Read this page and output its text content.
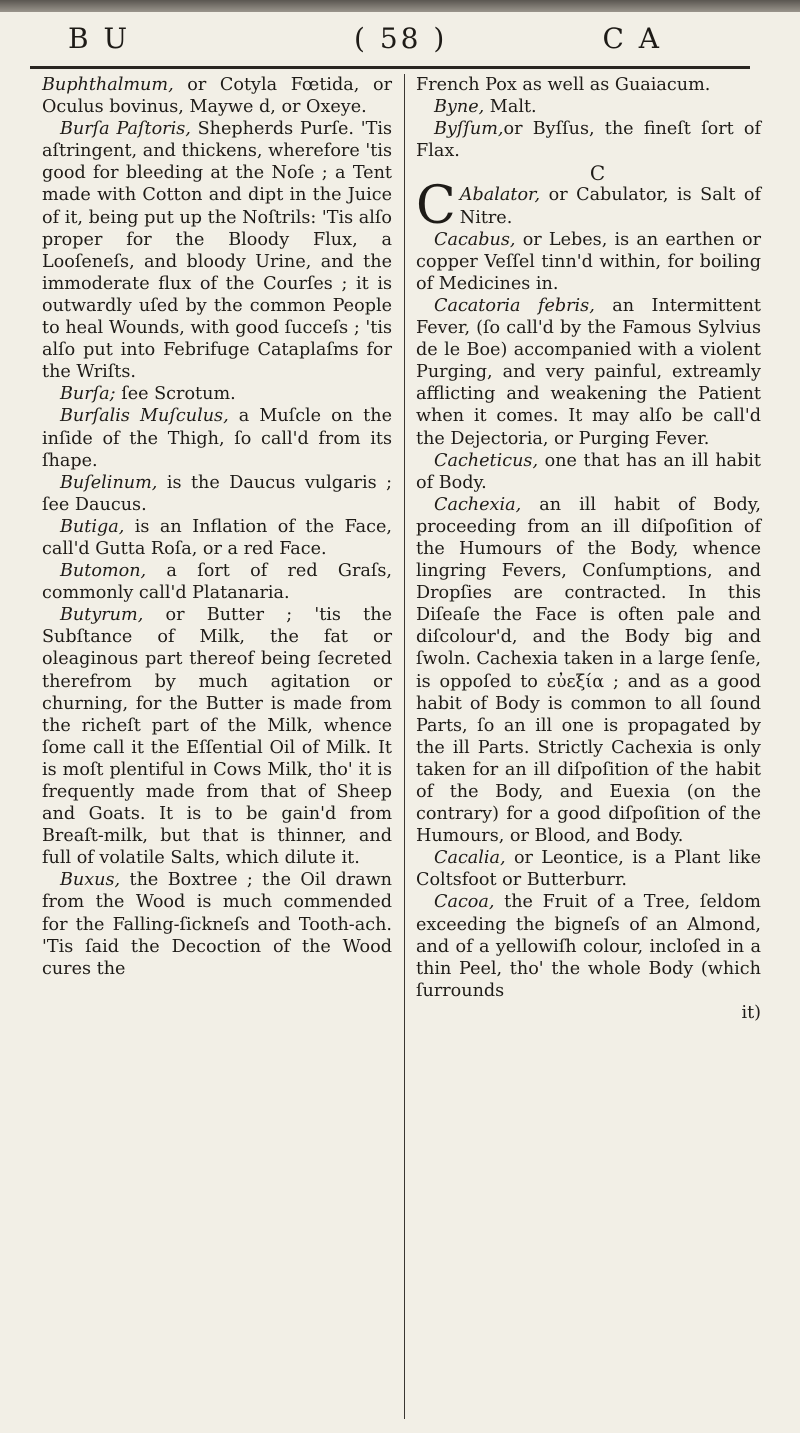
B U	( 58 )	C A

Buphthalmum, or Cotyla Fœtida, or Oculus bovinus, Maywe d, or Oxeye.

Burſa Paſtoris, Shepherds Purſe. 'Tis aſtringent, and thickens, wherefore 'tis good for bleeding at the Noſe ; a Tent made with Cotton and dipt in the Juice of it, being put up the Noſtrils: 'Tis alſo proper for the Bloody Flux, a Looſeneſs, and bloody Urine, and the immoderate flux of the Courſes ; it is outwardly uſed by the common People to heal Wounds, with good ſucceſs ; 'tis alſo put into Febrifuge Cataplaſms for the Wriſts.

Burſa; ſee Scrotum.

Burſalis Muſculus, a Muſcle on the inſide of the Thigh, ſo call'd from its ſhape.

Buſelinum, is the Daucus vulgaris ; ſee Daucus.

Butiga, is an Inflation of the Face, call'd Gutta Roſa, or a red Face.

Butomon, a ſort of red Graſs, commonly call'd Platanaria.

Butyrum, or Butter ; 'tis the Subſtance of Milk, the fat or oleaginous part thereof being ſecreted therefrom by much agitation or churning, for the Butter is made from the richeſt part of the Milk, whence ſome call it the Eſſential Oil of Milk. It is moſt plentiful in Cows Milk, tho' it is frequently made from that of Sheep and Goats. It is to be gain'd from Breaſt-milk, but that is thinner, and full of volatile Salts, which dilute it.

Buxus, the Boxtree ; the Oil drawn from the Wood is much commended for the Falling-ſickneſs and Tooth-ach. 'Tis ſaid the Decoction of the Wood cures the

French Pox as well as Guaiacum.

Byne, Malt.

Byſſum,or Byſſus, the fineſt ſort of Flax.

C

C Abalator, or Cabulator, is Salt of Nitre.

Cacabus, or Lebes, is an earthen or copper Veſſel tinn'd within, for boiling of Medicines in.

Cacatoria febris, an Intermittent Fever, (ſo call'd by the Famous Sylvius de le Boe) accompanied with a violent Purging, and very painful, extreamly afflicting and weakening the Patient when it comes. It may alſo be call'd the Dejectoria, or Purging Fever.

Cacheticus, one that has an ill habit of Body.

Cachexia, an ill habit of Body, proceeding from an ill diſpoſition of the Humours of the Body, whence lingring Fevers, Conſumptions, and Dropſies are contracted. In this Diſeaſe the Face is often pale and diſcolour'd, and the Body big and ſwoln. Cachexia taken in a large ſenſe, is oppoſed to εὐεξία ; and as a good habit of Body is common to all ſound Parts, ſo an ill one is propagated by the ill Parts. Strictly Cachexia is only taken for an ill diſpoſition of the habit of the Body, and Euexia (on the contrary) for a good diſpoſition of the Humours, or Blood, and Body.

Cacalia, or Leontice, is a Plant like Coltsfoot or Butterburr.

Cacoa, the Fruit of a Tree, ſeldom exceeding the bigneſs of an Almond, and of a yellowiſh colour, incloſed in a thin Peel, tho' the whole Body (which ſurrounds

it)
